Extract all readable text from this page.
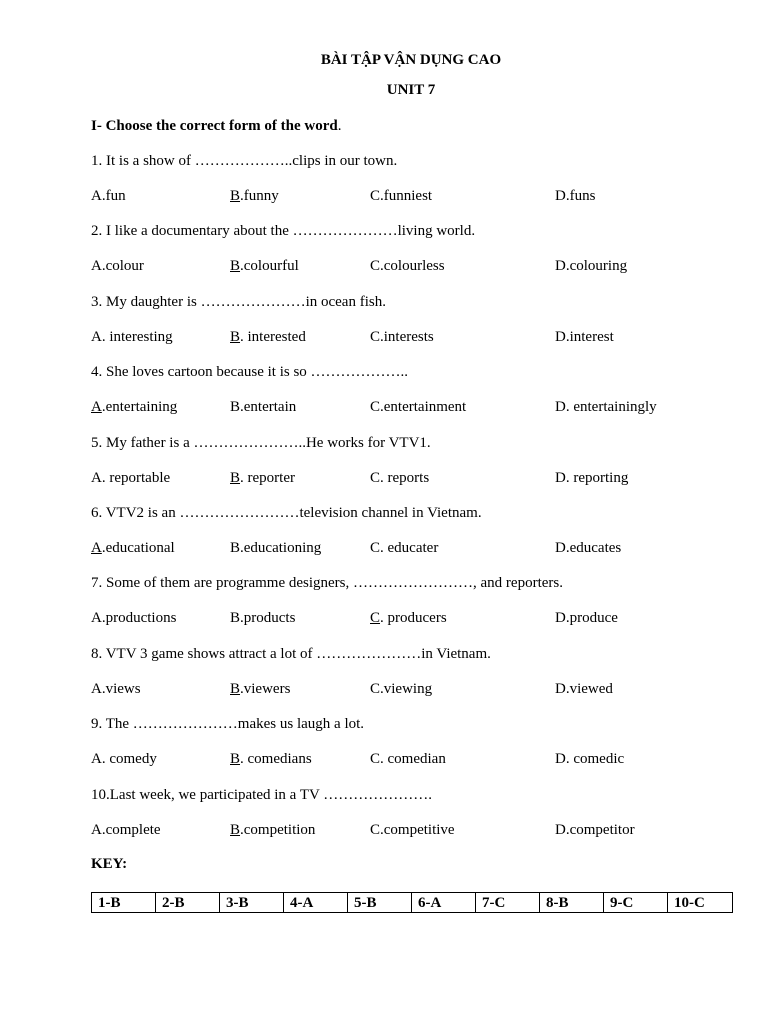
BÀI TẬP VẬN DỤNG CAO
UNIT 7
I- Choose the correct form of the word.
1. It is a show of ………………..clips in our town.
A.fun	B.funny	C.funniest	D.funs
2. I like a documentary about the …………………living world.
A.colour	B.colourful	C.colourless	D.colouring
3. My daughter is …………………in ocean fish.
A. interesting	B. interested	C.interests	D.interest
4. She loves cartoon because it is so ………………..
A.entertaining	B.entertain	C.entertainment	D. entertainingly
5. My father is a …………………..He works for VTV1.
A. reportable	B. reporter	C. reports	D. reporting
6. VTV2 is an ……………………television channel in Vietnam.
A.educational	B.educationing	C. educater	D.educates
7. Some of them are programme designers, ……………………, and reporters.
A.productions	B.products	C. producers	D.produce
8. VTV 3 game shows attract a lot of …………………in Vietnam.
A.views	B.viewers	C.viewing	D.viewed
9. The …………………makes us laugh a lot.
A. comedy	B. comedians	C. comedian	D. comedic
10.Last week, we participated in a TV ………………….
A.complete	B.competition	C.competitive	D.competitor
KEY:
1-B	2-B	3-B	4-A	5-B	6-A	7-C	8-B	9-C	10-C
